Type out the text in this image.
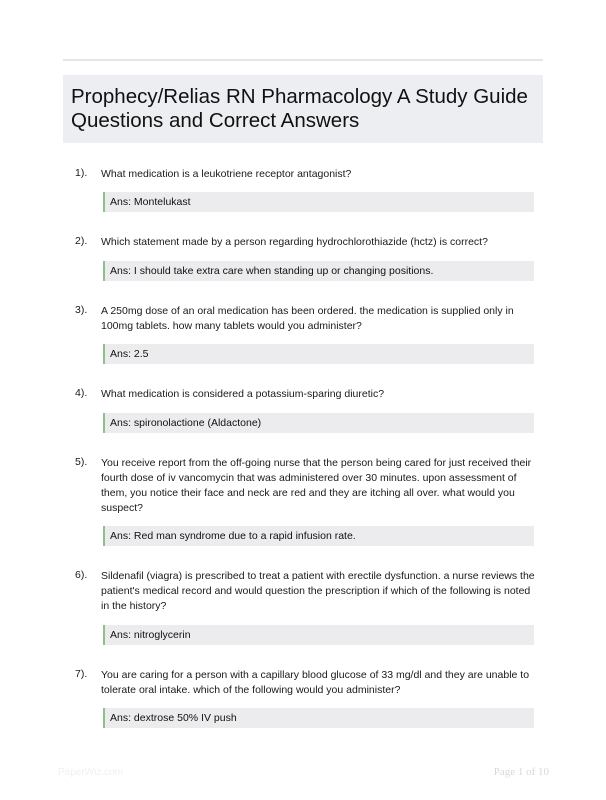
Prophecy/Relias RN Pharmacology A Study Guide Questions and Correct Answers
1). What medication is a leukotriene receptor antagonist?
Ans: Montelukast
2). Which statement made by a person regarding hydrochlorothiazide (hctz) is correct?
Ans: I should take extra care when standing up or changing positions.
3). A 250mg dose of an oral medication has been ordered. the medication is supplied only in 100mg tablets. how many tablets would you administer?
Ans: 2.5
4). What medication is considered a potassium-sparing diuretic?
Ans: spironolactione (Aldactone)
5). You receive report from the off-going nurse that the person being cared for just received their fourth dose of iv vancomycin that was administered over 30 minutes. upon assessment of them, you notice their face and neck are red and they are itching all over. what would you suspect?
Ans: Red man syndrome due to a rapid infusion rate.
6). Sildenafil (viagra) is prescribed to treat a patient with erectile dysfunction. a nurse reviews the patient's medical record and would question the prescription if which of the following is noted in the history?
Ans: nitroglycerin
7). You are caring for a person with a capillary blood glucose of 33 mg/dl and they are unable to tolerate oral intake. which of the following would you administer?
Ans: dextrose 50% IV push
PaperWiz.com	Page 1 of 10
